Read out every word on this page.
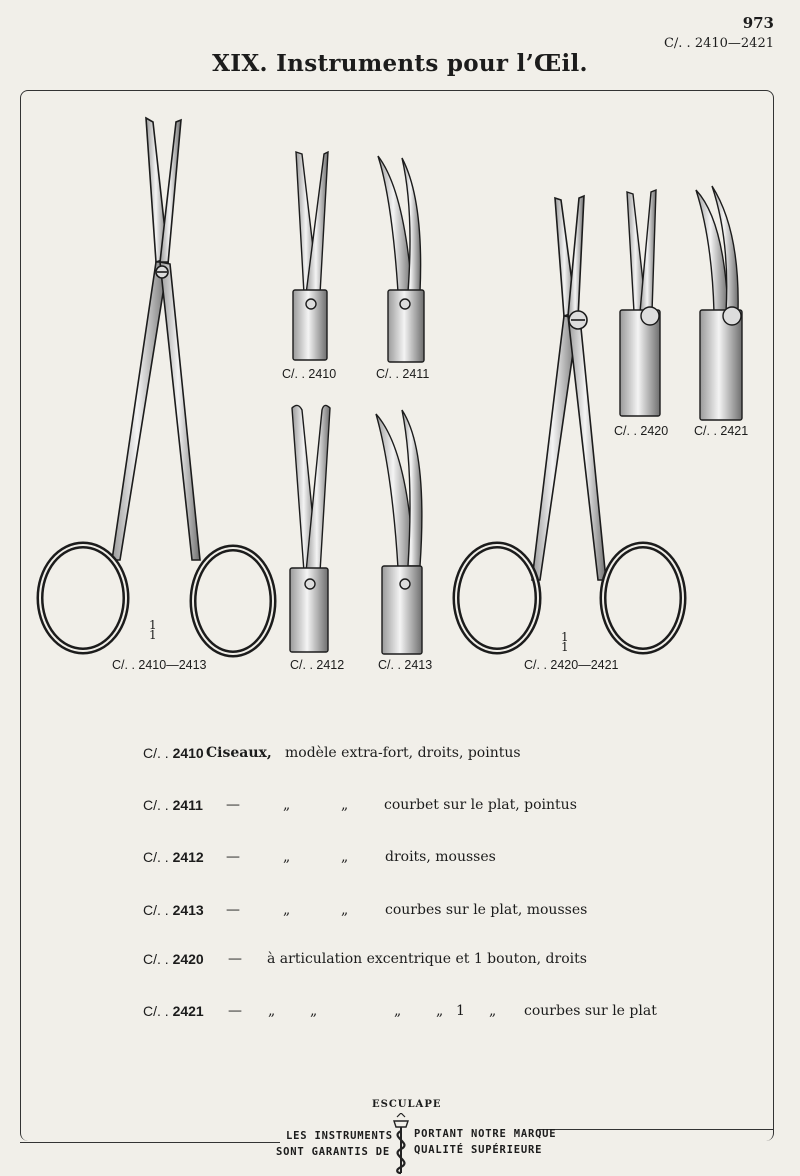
973
C/. . 2410—2421
XIX. Instruments pour l’Œil.
C/. . 2410	C/. . 2411
C/. . 2420 C/. . 2421
C/. . 2410—2413	C/. . 2412	C/. . 2413	C/. . 2420—2421
1
1	1
1
C/. . 2410 Ciseaux, modèle extra-fort, droits, pointus
C/. . 2411 —	„	„	courbet sur le plat, pointus
C/. . 2412 —	„	„	droits, mousses
C/. . 2413 —	„	„	courbes sur le plat, mousses
C/. . 2420 — à articulation excentrique et 1 bouton, droits
C/. . 2421 — „ „	„ „ 1 „ courbes sur le plat
ESCULAPE
LES INSTRUMENTS
SONT GARANTIS DE
PORTANT NOTRE MARQUE
QUALITÉ SUPÉRIEURE
